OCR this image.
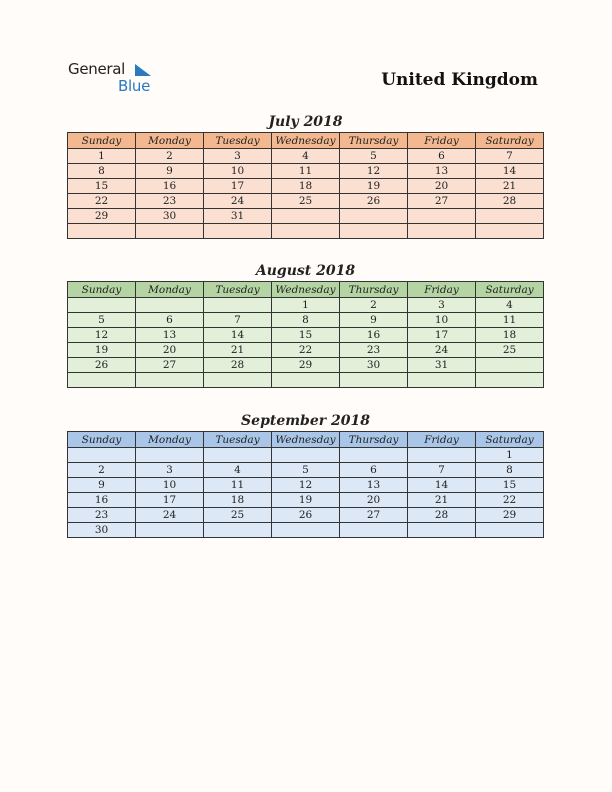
General
Blue	United Kingdom
July 2018
Sunday	Monday	Tuesday	Wednesday	Thursday	Friday	Saturday
1	2	3	4	5	6	7
8	9	10	11	12	13	14
15	16	17	18	19	20	21
22	23	24	25	26	27	28
29	30	31				

August 2018
Sunday	Monday	Tuesday	Wednesday	Thursday	Friday	Saturday
			1	2	3	4
5	6	7	8	9	10	11
12	13	14	15	16	17	18
19	20	21	22	23	24	25
26	27	28	29	30	31	

September 2018
Sunday	Monday	Tuesday	Wednesday	Thursday	Friday	Saturday
						1
2	3	4	5	6	7	8
9	10	11	12	13	14	15
16	17	18	19	20	21	22
23	24	25	26	27	28	29
30						
